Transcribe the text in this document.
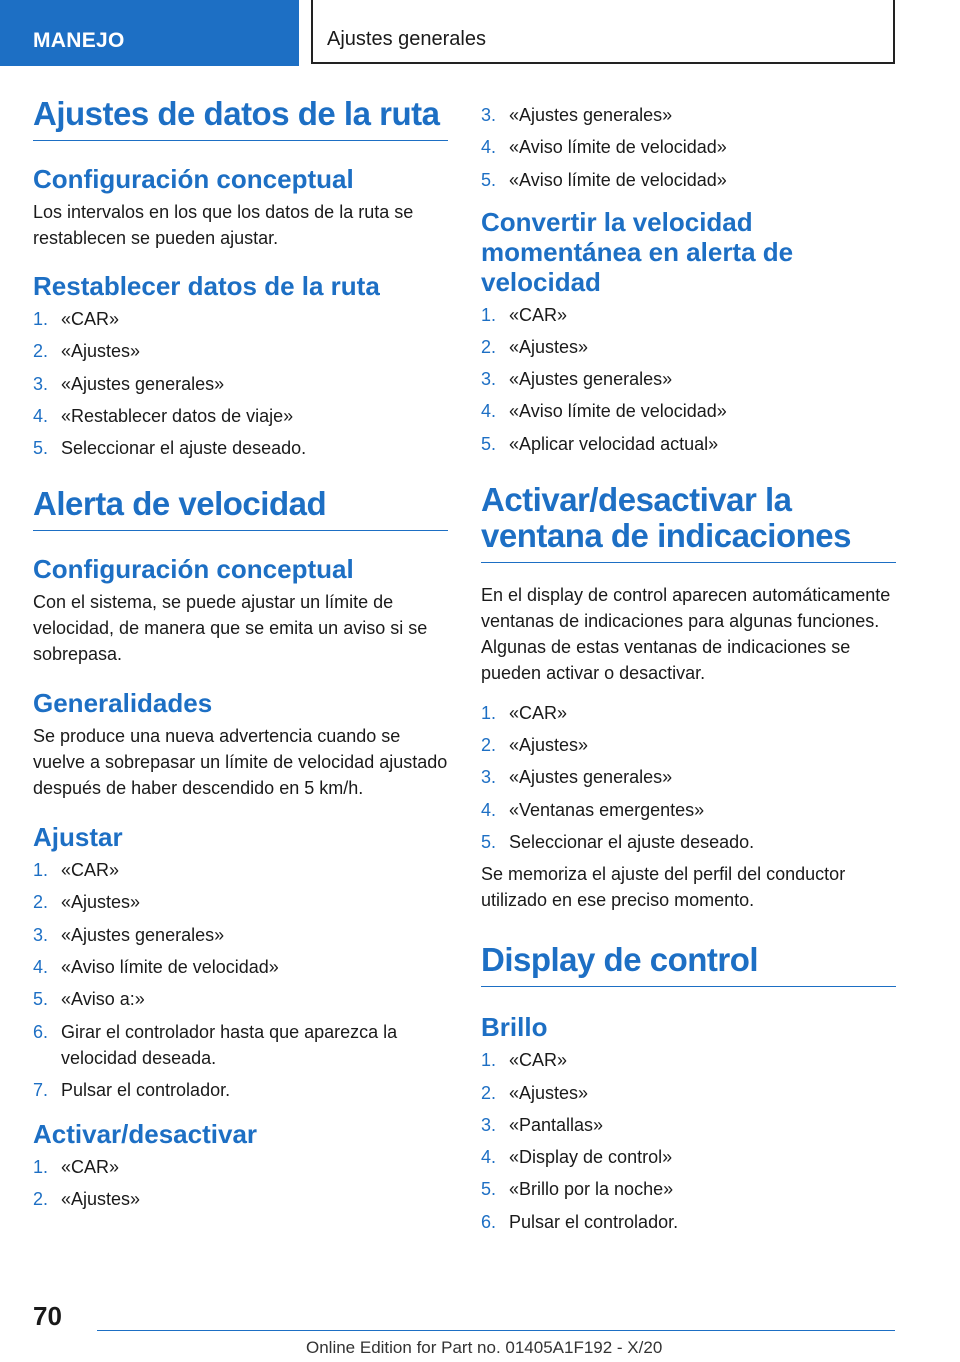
MANEJO	Ajustes generales
Ajustes de datos de la ruta
Configuración conceptual

Los intervalos en los que los datos de la ruta se restablecen se pueden ajustar.

Restablecer datos de la ruta
1. «CAR»
2. «Ajustes»
3. «Ajustes generales»
4. «Restablecer datos de viaje»
5. Seleccionar el ajuste deseado.
Alerta de velocidad
Configuración conceptual

Con el sistema, se puede ajustar un límite de velocidad, de manera que se emita un aviso si se sobrepasa.

Generalidades

Se produce una nueva advertencia cuando se vuelve a sobrepasar un límite de velocidad ajustado después de haber descendido en 5 km/h.

Ajustar
1. «CAR»
2. «Ajustes»
3. «Ajustes generales»
4. «Aviso límite de velocidad»
5. «Aviso a:»
6. Girar el controlador hasta que aparezca la velocidad deseada.
7. Pulsar el controlador.
Activar/desactivar
1. «CAR»
2. «Ajustes»
3. «Ajustes generales»
4. «Aviso límite de velocidad»
5. «Aviso límite de velocidad»
Convertir la velocidad momentánea en alerta de velocidad
1. «CAR»
2. «Ajustes»
3. «Ajustes generales»
4. «Aviso límite de velocidad»
5. «Aplicar velocidad actual»
Activar/desactivar la ventana de indicaciones

En el display de control aparecen automáticamente ventanas de indicaciones para algunas funciones. Algunas de estas ventanas de indicaciones se pueden activar o desactivar.

1. «CAR»
2. «Ajustes»
3. «Ajustes generales»
4. «Ventanas emergentes»
5. Seleccionar el ajuste deseado.

Se memoriza el ajuste del perfil del conductor utilizado en ese preciso momento.

Display de control
Brillo
1. «CAR»
2. «Ajustes»
3. «Pantallas»
4. «Display de control»
5. «Brillo por la noche»
6. Pulsar el controlador.
70
Online Edition for Part no. 01405A1F192 - X/20
